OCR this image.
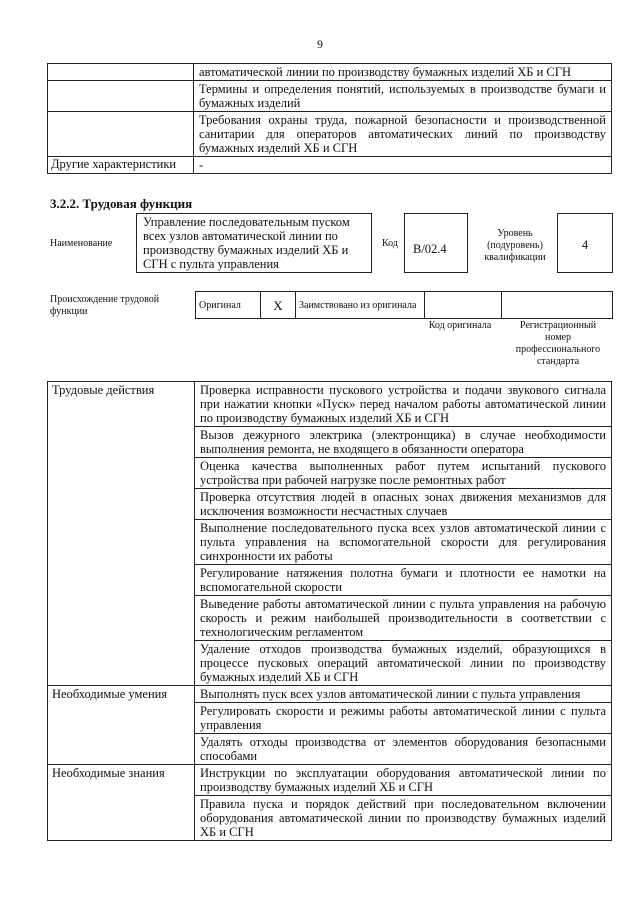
9
	автоматической линии по производству бумажных изделий ХБ и СГН
	Термины и определения понятий, используемых в производстве бумаги и бумажных изделий
	Требования охраны труда, пожарной безопасности и производственной санитарии для операторов автоматических линий по производству бумажных изделий ХБ и СГН
Другие характеристики	-
3.2.2. Трудовая функция
Наименование
Управление последовательным пуском всех узлов автоматической линии по производству бумажных изделий ХБ и СГН с пульта управления
Код	В/02.4
Уровень (подуровень) квалификации
4
Происхождение трудовой функции
Оригинал	X	Заимствовано из оригинала		
Код оригинала	Регистрационный номер профессионального стандарта
Трудовые действия	Проверка исправности пускового устройства и подачи звукового сигнала при нажатии кнопки «Пуск» перед началом работы автоматической линии по производству бумажных изделий ХБ и СГН
	Вызов дежурного электрика (электронщика) в случае необходимости выполнения ремонта, не входящего в обязанности оператора
	Оценка качества выполненных работ путем испытаний пускового устройства при рабочей нагрузке после ремонтных работ
	Проверка отсутствия людей в опасных зонах движения механизмов для исключения возможности несчастных случаев
	Выполнение последовательного пуска всех узлов автоматической линии с пульта управления на вспомогательной скорости для регулирования синхронности их работы
	Регулирование натяжения полотна бумаги и плотности ее намотки на вспомогательной скорости
	Выведение работы автоматической линии с пульта управления на рабочую скорость и режим наибольшей производительности в соответствии с технологическим регламентом
	Удаление отходов производства бумажных изделий, образующихся в процессе пусковых операций автоматической линии по производству бумажных изделий ХБ и СГН
Необходимые умения	Выполнять пуск всех узлов автоматической линии с пульта управления
	Регулировать скорости и режимы работы автоматической линии с пульта управления
	Удалять отходы производства от элементов оборудования безопасными способами
Необходимые знания	Инструкции по эксплуатации оборудования автоматической линии по производству бумажных изделий ХБ и СГН
	Правила пуска и порядок действий при последовательном включении оборудования автоматической линии по производству бумажных изделий ХБ и СГН
